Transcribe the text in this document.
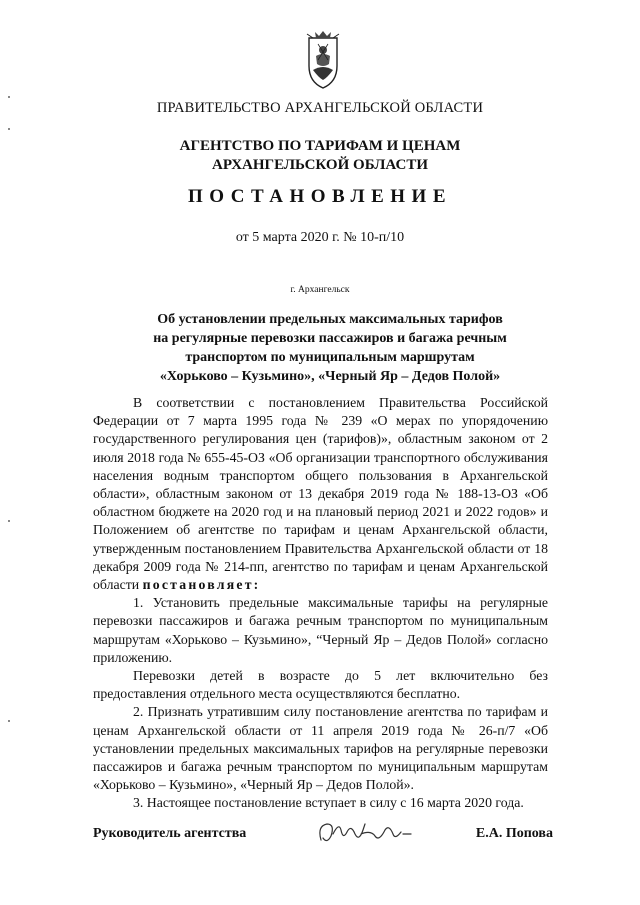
ПРАВИТЕЛЬСТВО АРХАНГЕЛЬСКОЙ ОБЛАСТИ
АГЕНТСТВО ПО ТАРИФАМ И ЦЕНАМ
АРХАНГЕЛЬСКОЙ ОБЛАСТИ
ПОСТАНОВЛЕНИЕ
от 5 марта 2020 г. № 10-п/10
г. Архангельск
Об установлении предельных максимальных тарифов
на регулярные перевозки пассажиров и багажа речным
транспортом по муниципальным маршрутам
«Хорьково – Кузьмино», «Черный Яр – Дедов Полой»

В соответствии с постановлением Правительства Российской Федерации от 7 марта 1995 года № 239 «О мерах по упорядочению государственного регулирования цен (тарифов)», областным законом от 2 июля 2018 года № 655-45-ОЗ «Об организации транспортного обслуживания населения водным транспортом общего пользования в Архангельской области», областным законом от 13 декабря 2019 года № 188-13-ОЗ «Об областном бюджете на 2020 год и на плановый период 2021 и 2022 годов» и Положением об агентстве по тарифам и ценам Архангельской области, утвержденным постановлением Правительства Архангельской области от 18 декабря 2009 года № 214-пп, агентство по тарифам и ценам Архангельской области постановляет:

1. Установить предельные максимальные тарифы на регулярные перевозки пассажиров и багажа речным транспортом по муниципальным маршрутам «Хорьково – Кузьмино», “Черный Яр – Дедов Полой» согласно приложению.

Перевозки детей в возрасте до 5 лет включительно без предоставления отдельного места осуществляются бесплатно.

2. Признать утратившим силу постановление агентства по тарифам и ценам Архангельской области от 11 апреля 2019 года № 26-п/7 «Об установлении предельных максимальных тарифов на регулярные перевозки пассажиров и багажа речным транспортом по муниципальным маршрутам «Хорьково – Кузьмино», «Черный Яр – Дедов Полой».

3. Настоящее постановление вступает в силу с 16 марта 2020 года.

Руководитель агентства	Е.А. Попова
